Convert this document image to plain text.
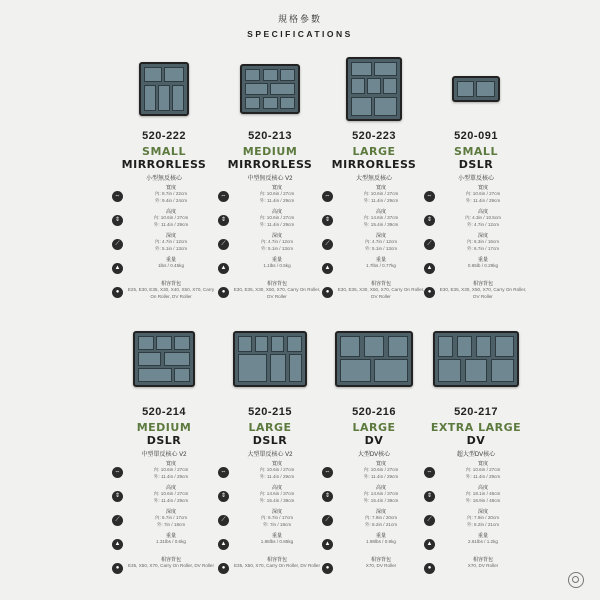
規格參數
SPECIFICATIONS
520-222
SMALL
MIRRORLESS
小型無反核心
⇔
寬度
內: 8.7in / 22cm
外: 9.4in / 24cm
⇕
高度
內: 10.6in / 27cm
外: 11.4in / 29cm
⟋
深度
內: 4.7in / 12cm
外: 5.1in / 13cm
▲
重量
1lbs / 0.45kg
●
相容背包
E25, E30, E35, X30, X40, X50, X70, Carry On Roller, DV Roller
520-213
MEDIUM
MIRRORLESS
中型無反核心 V2
⇔
寬度
內: 10.6in / 27cm
外: 11.4in / 29cm
⇕
高度
內: 10.6in / 27cm
外: 11.4in / 29cm
⟋
深度
內: 4.7in / 12cm
外: 5.1in / 13cm
▲
重量
1.1lbs / 0.5kg
●
相容背包
E30, E35, X30, X50, X70, Carry On Roller, DV Roller
520-223
LARGE
MIRRORLESS
大型無反核心
⇔
寬度
內: 10.6in / 27cm
外: 11.4in / 29cm
⇕
高度
內: 14.6in / 37cm
外: 15.4in / 39cm
⟋
深度
內: 4.7in / 12cm
外: 5.1in / 13cm
▲
重量
1.7lbs / 0.77kg
●
相容背包
E30, E35, X30, X50, X70, Carry On Roller, DV Roller
520-091
SMALL
DSLR
小型單反核心
⇔
寬度
內: 10.6in / 27cm
外: 11.4in / 29cm
⇕
高度
內: 4.3in / 10.5cm
外: 4.7in / 12cm
⟋
深度
內: 6.3in / 16cm
外: 6.7in / 17cm
▲
重量
0.65lb / 0.29kg
●
相容背包
E30, E35, X30, X50, X70, Carry On Roller, DV Roller
520-214
MEDIUM
DSLR
中型單反核心 V2
⇔
寬度
內: 10.6in / 27cm
外: 11.4in / 29cm
⇕
高度
內: 10.6in / 27cm
外: 11.4in / 29cm
⟋
深度
內: 6.7in / 17cm
外: 7in / 18cm
▲
重量
1.31lbs / 0.6kg
●
相容背包
E35, X50, X70, Carry On Roller, DV Roller
520-215
LARGE
DSLR
大型單反核心 V2
⇔
寬度
內: 10.6in / 27cm
外: 11.4in / 29cm
⇕
高度
內: 14.6in / 37cm
外: 15.4in / 39cm
⟋
深度
內: 6.7in / 17cm
外: 7in / 18cm
▲
重量
1.88lbs / 0.85kg
●
相容背包
E35, X50, X70, Carry On Roller, DV Roller
520-216
LARGE
DV
大型DV核心
⇔
寬度
內: 10.6in / 27cm
外: 11.4in / 29cm
⇕
高度
內: 14.6in / 37cm
外: 15.4in / 39cm
⟋
深度
內: 7.9in / 20cm
外: 8.2in / 21cm
▲
重量
1.98lbs / 0.9kg
●
相容背包
X70, DV Roller
520-217
EXTRA LARGE
DV
超大型DV核心
⇔
寬度
內: 10.6in / 27cm
外: 11.4in / 29cm
⇕
高度
內: 18.1in / 46cm
外: 18.9in / 48cm
⟋
深度
內: 7.9in / 20cm
外: 8.2in / 21cm
▲
重量
2.61lbs / 1.2kg
●
相容背包
X70, DV Roller
